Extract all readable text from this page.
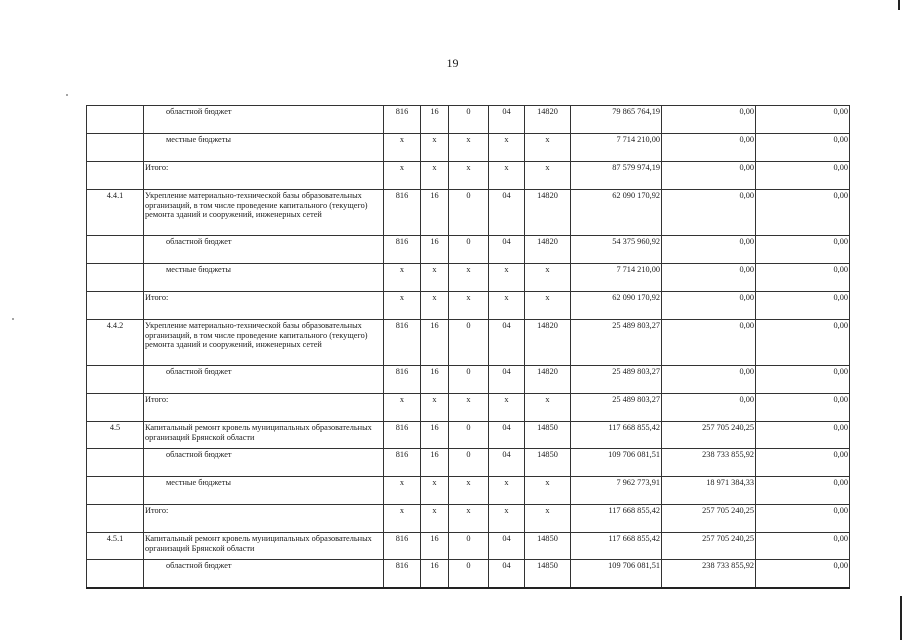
19
	областной бюджет	816	16	0	04	14820	79 865 764,19	0,00	0,00
	местные бюджеты	х	х	х	х	х	7 714 210,00	0,00	0,00
	Итого:	х	х	х	х	х	87 579 974,19	0,00	0,00
4.4.1	Укрепление материально-технической базы образовательных организаций, в том числе проведение капитального (текущего) ремонта зданий и сооружений, инженерных сетей	816	16	0	04	14820	62 090 170,92	0,00	0,00
	областной бюджет	816	16	0	04	14820	54 375 960,92	0,00	0,00
	местные бюджеты	х	х	х	х	х	7 714 210,00	0,00	0,00
	Итого:	х	х	х	х	х	62 090 170,92	0,00	0,00
4.4.2	Укрепление материально-технической базы образовательных организаций, в том числе проведение капитального (текущего) ремонта зданий и сооружений, инженерных сетей	816	16	0	04	14820	25 489 803,27	0,00	0,00
	областной бюджет	816	16	0	04	14820	25 489 803,27	0,00	0,00
	Итого:	х	х	х	х	х	25 489 803,27	0,00	0,00
4.5	Капитальный ремонт кровель муниципальных образовательных организаций Брянской области	816	16	0	04	14850	117 668 855,42	257 705 240,25	0,00
	областной бюджет	816	16	0	04	14850	109 706 081,51	238 733 855,92	0,00
	местные бюджеты	х	х	х	х	х	7 962 773,91	18 971 384,33	0,00
	Итого:	х	х	х	х	х	117 668 855,42	257 705 240,25	0,00
4.5.1	Капитальный ремонт кровель муниципальных образовательных организаций Брянской области	816	16	0	04	14850	117 668 855,42	257 705 240,25	0,00
	областной бюджет	816	16	0	04	14850	109 706 081,51	238 733 855,92	0,00
